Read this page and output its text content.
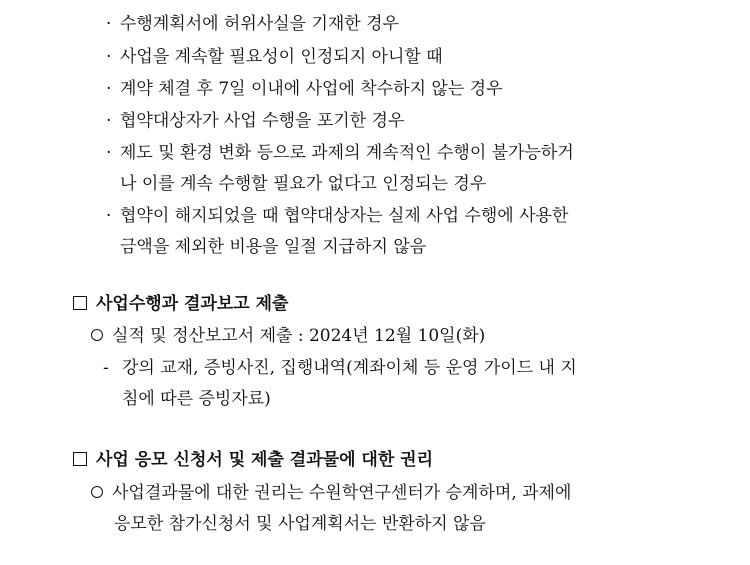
· 수행계획서에 허위사실을 기재한 경우
· 사업을 계속할 필요성이 인정되지 아니할 때
· 계약 체결 후 7일 이내에 사업에 착수하지 않는 경우
· 협약대상자가 사업 수행을 포기한 경우
· 제도 및 환경 변화 등으로 과제의 계속적인 수행이 불가능하거
나 이를 계속 수행할 필요가 없다고 인정되는 경우
· 협약이 해지되었을 때 협약대상자는 실제 사업 수행에 사용한
금액을 제외한 비용을 일절 지급하지 않음
사업수행과 결과보고 제출
실적 및 정산보고서 제출 : 2024년 12월 10일(화)
- 강의 교재, 증빙사진, 집행내역(계좌이체 등 운영 가이드 내 지
침에 따른 증빙자료)
사업 응모 신청서 및 제출 결과물에 대한 권리
사업결과물에 대한 권리는 수원학연구센터가 승계하며, 과제에
응모한 참가신청서 및 사업계획서는 반환하지 않음
